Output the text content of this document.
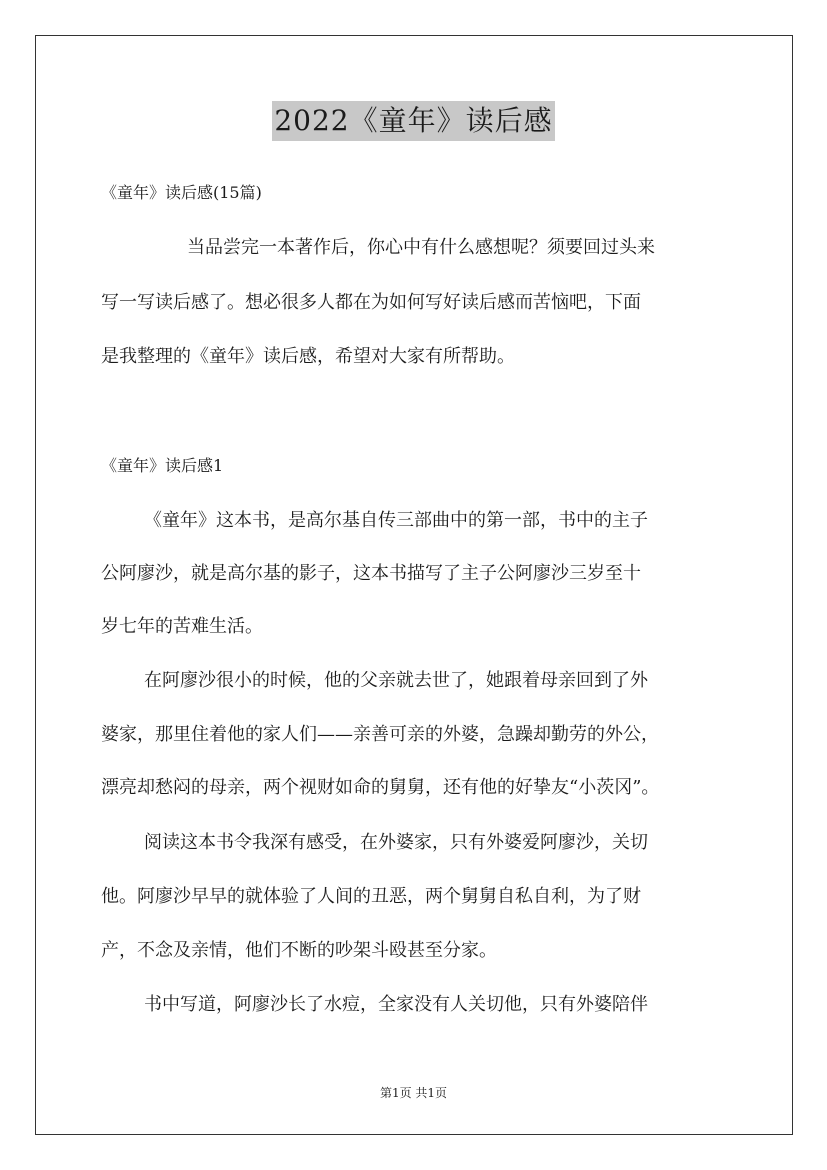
2022《童年》读后感
《童年》读后感(15篇)
当品尝完一本著作后，你心中有什么感想呢？须要回过头来
写一写读后感了。想必很多人都在为如何写好读后感而苦恼吧，下面
是我整理的《童年》读后感，希望对大家有所帮助。
《童年》读后感1
《童年》这本书，是高尔基自传三部曲中的第一部，书中的主子
公阿廖沙，就是高尔基的影子，这本书描写了主子公阿廖沙三岁至十
岁七年的苦难生活。
在阿廖沙很小的时候，他的父亲就去世了，她跟着母亲回到了外
婆家，那里住着他的家人们——亲善可亲的外婆，急躁却勤劳的外公，
漂亮却愁闷的母亲，两个视财如命的舅舅，还有他的好挚友“小茨冈”。
阅读这本书令我深有感受，在外婆家，只有外婆爱阿廖沙，关切
他。阿廖沙早早的就体验了人间的丑恶，两个舅舅自私自利，为了财
产，不念及亲情，他们不断的吵架斗殴甚至分家。
书中写道，阿廖沙长了水痘，全家没有人关切他，只有外婆陪伴
第1页 共1页
